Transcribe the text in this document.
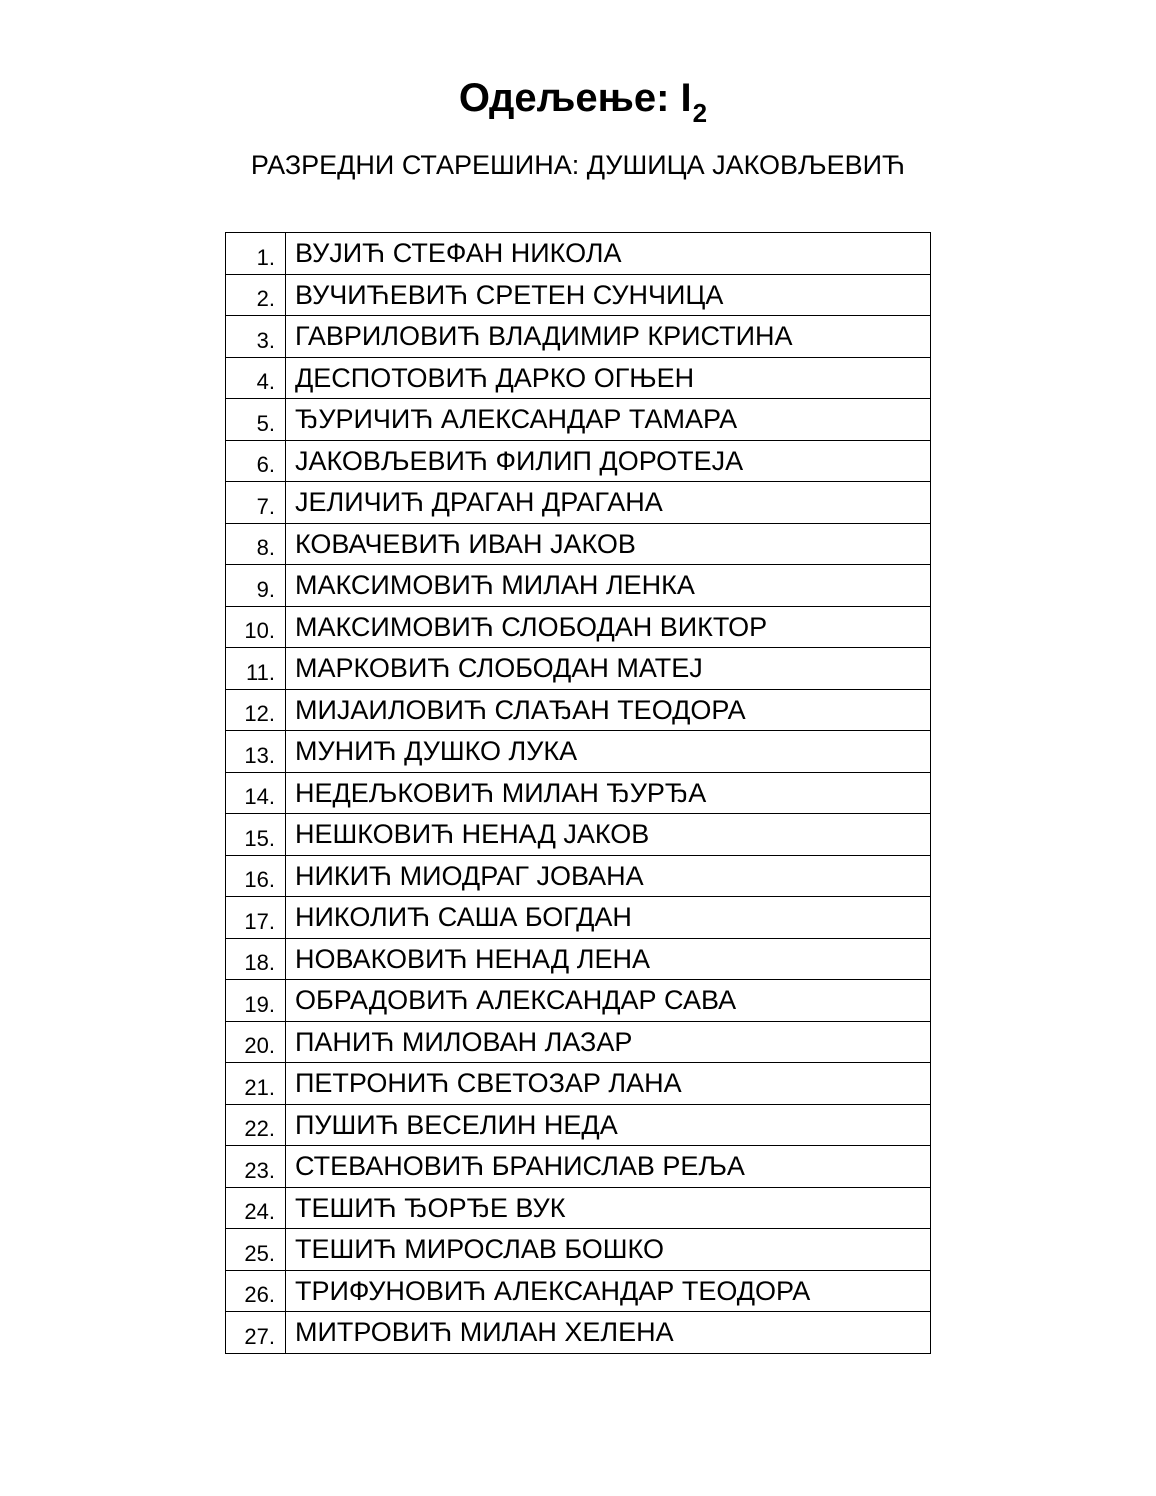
Одељење: $I_2$

РАЗРЕДНИ СТАРЕШИНА: ДУШИЦА ЈАКОВЉЕВИЋ

1.	ВУЈИЋ СТЕФАН НИКОЛА
2.	ВУЧИЋЕВИЋ СРЕТЕН СУНЧИЦА
3.	ГАВРИЛОВИЋ ВЛАДИМИР КРИСТИНА
4.	ДЕСПОТОВИЋ ДАРКО ОГЊЕН
5.	ЂУРИЧИЋ АЛЕКСАНДАР ТАМАРА
6.	ЈАКОВЉЕВИЋ ФИЛИП ДОРОТЕЈА
7.	ЈЕЛИЧИЋ ДРАГАН ДРАГАНА
8.	КОВАЧЕВИЋ ИВАН ЈАКОВ
9.	МАКСИМОВИЋ МИЛАН ЛЕНКА
10.	МАКСИМОВИЋ СЛОБОДАН ВИКТОР
11.	МАРКОВИЋ СЛОБОДАН МАТЕЈ
12.	МИЈАИЛОВИЋ СЛАЂАН ТЕОДОРА
13.	МУНИЋ ДУШКО ЛУКА
14.	НЕДЕЉКОВИЋ МИЛАН ЂУРЂА
15.	НЕШКОВИЋ НЕНАД ЈАКОВ
16.	НИКИЋ МИОДРАГ ЈОВАНА
17.	НИКОЛИЋ САША БОГДАН
18.	НОВАКОВИЋ НЕНАД ЛЕНА
19.	ОБРАДОВИЋ АЛЕКСАНДАР САВА
20.	ПАНИЋ МИЛОВАН ЛАЗАР
21.	ПЕТРОНИЋ СВЕТОЗАР ЛАНА
22.	ПУШИЋ ВЕСЕЛИН НЕДА
23.	СТЕВАНОВИЋ БРАНИСЛАВ РЕЉА
24.	ТЕШИЋ ЂОРЂЕ ВУК
25.	ТЕШИЋ МИРОСЛАВ БОШКО
26.	ТРИФУНОВИЋ АЛЕКСАНДАР ТЕОДОРА
27.	МИТРОВИЋ МИЛАН ХЕЛЕНА
